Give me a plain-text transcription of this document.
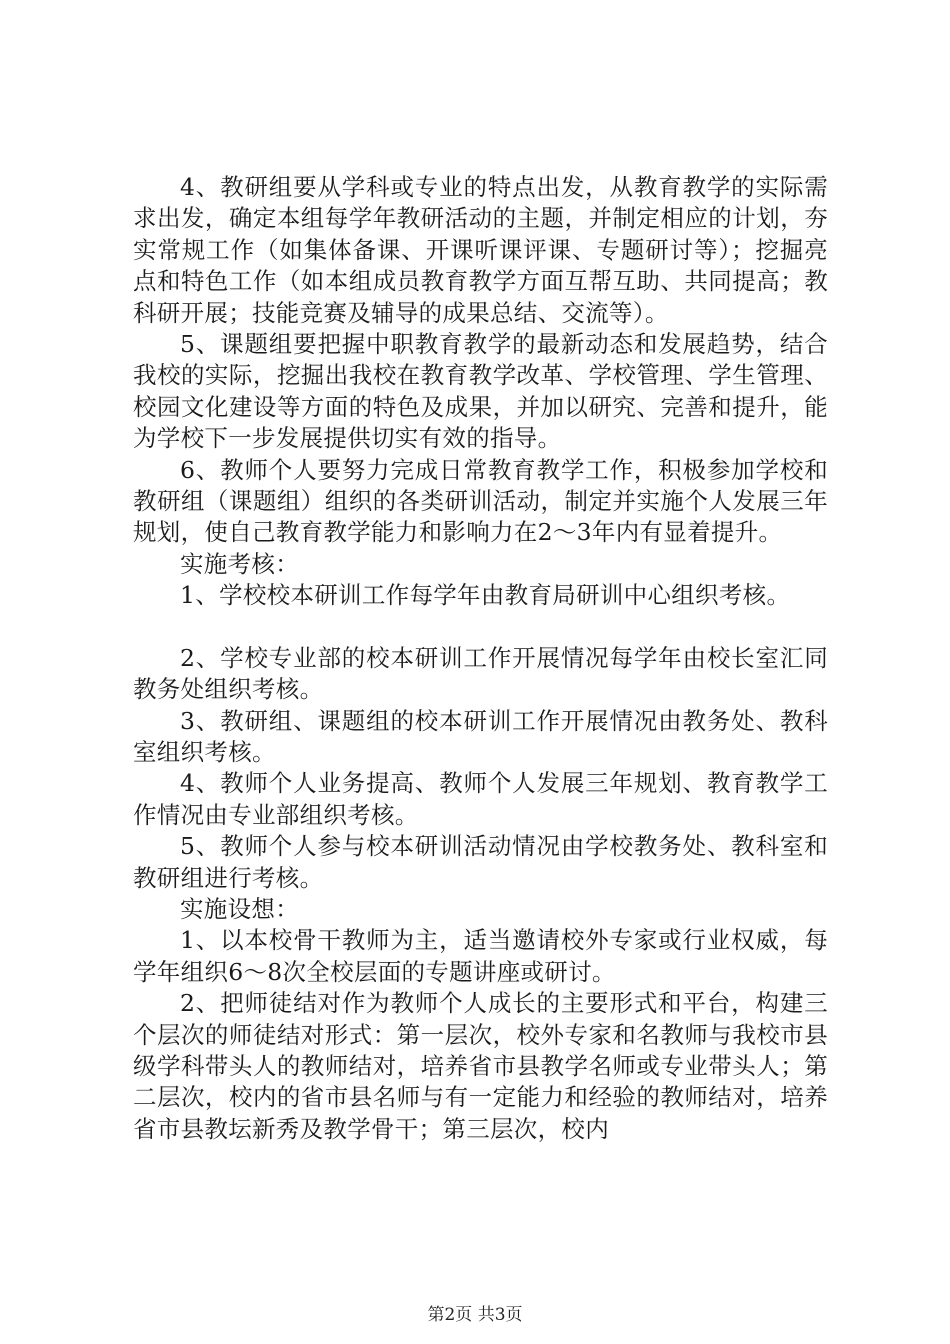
4、教研组要从学科或专业的特点出发，从教育教学的实际需求出发，确定本组每学年教研活动的主题，并制定相应的计划，夯实常规工作（如集体备课、开课听课评课、专题研讨等）；挖掘亮点和特色工作（如本组成员教育教学方面互帮互助、共同提高；教科研开展；技能竞赛及辅导的成果总结、交流等）。

5、课题组要把握中职教育教学的最新动态和发展趋势，结合我校的实际，挖掘出我校在教育教学改革、学校管理、学生管理、校园文化建设等方面的特色及成果，并加以研究、完善和提升，能为学校下一步发展提供切实有效的指导。

6、教师个人要努力完成日常教育教学工作，积极参加学校和教研组（课题组）组织的各类研训活动，制定并实施个人发展三年规划，使自己教育教学能力和影响力在2～3年内有显着提升。

实施考核：

1、学校校本研训工作每学年由教育局研训中心组织考核。

2、学校专业部的校本研训工作开展情况每学年由校长室汇同教务处组织考核。

3、教研组、课题组的校本研训工作开展情况由教务处、教科室组织考核。

4、教师个人业务提高、教师个人发展三年规划、教育教学工作情况由专业部组织考核。

5、教师个人参与校本研训活动情况由学校教务处、教科室和教研组进行考核。

实施设想：

1、以本校骨干教师为主，适当邀请校外专家或行业权威，每学年组织6～8次全校层面的专题讲座或研讨。

2、把师徒结对作为教师个人成长的主要形式和平台，构建三个层次的师徒结对形式：第一层次，校外专家和名教师与我校市县级学科带头人的教师结对，培养省市县教学名师或专业带头人；第二层次，校内的省市县名师与有一定能力和经验的教师结对，培养省市县教坛新秀及教学骨干；第三层次，校内

第2页 共3页
